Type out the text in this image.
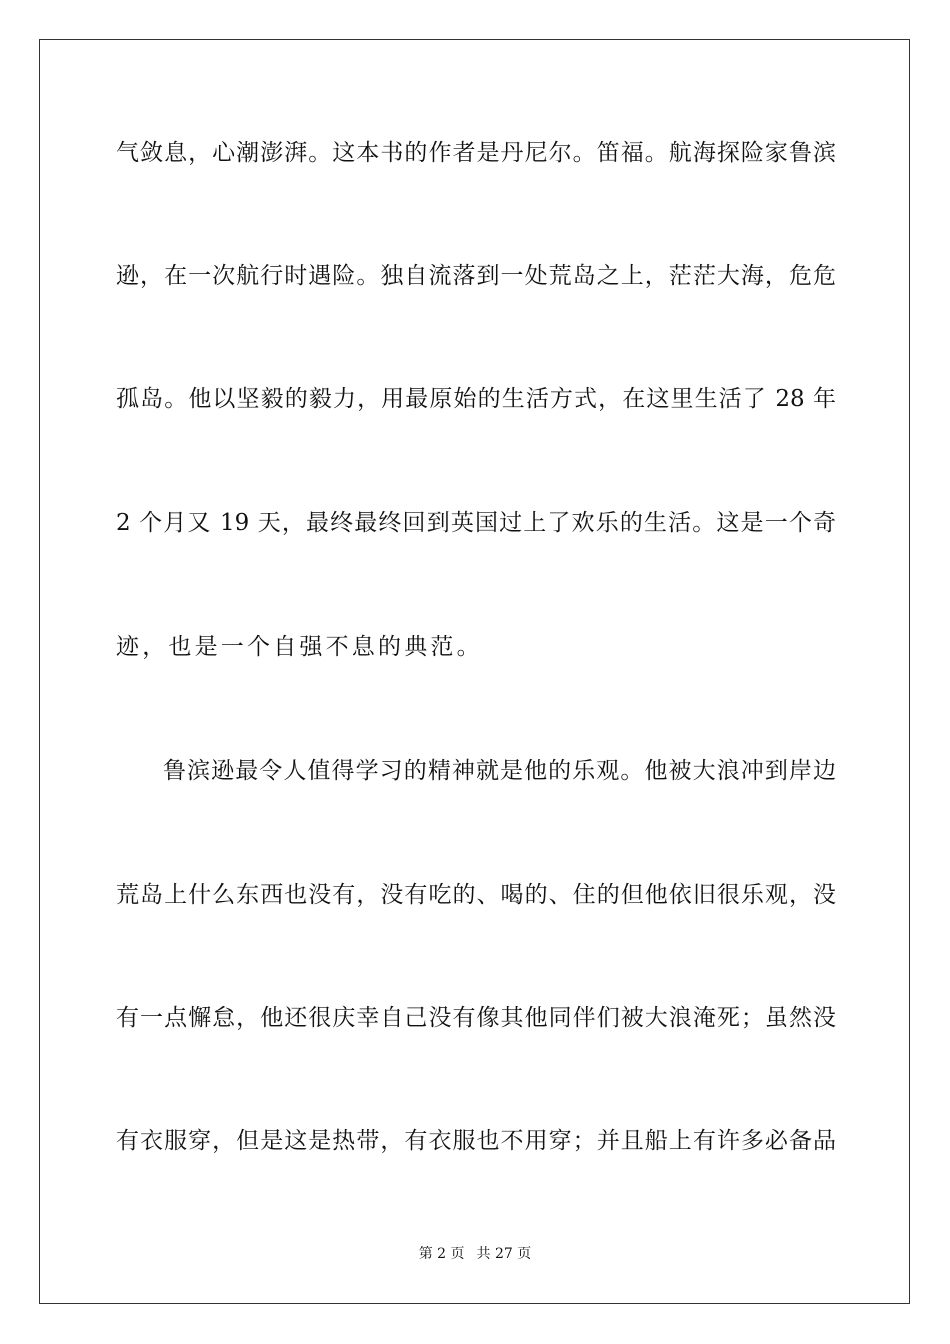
气敛息，心潮澎湃。这本书的作者是丹尼尔。笛福。航海探险家鲁滨
逊，在一次航行时遇险。独自流落到一处荒岛之上，茫茫大海，危危
孤岛。他以坚毅的毅力，用最原始的生活方式，在这里生活了 28 年
2 个月又 19 天，最终最终回到英国过上了欢乐的生活。这是一个奇
迹，也是一个自强不息的典范。
鲁滨逊最令人值得学习的精神就是他的乐观。他被大浪冲到岸边
荒岛上什么东西也没有，没有吃的、喝的、住的但他依旧很乐观，没
有一点懈怠，他还很庆幸自己没有像其他同伴们被大浪淹死；虽然没
有衣服穿，但是这是热带，有衣服也不用穿；并且船上有许多必备品
第 2 页 共 27 页
